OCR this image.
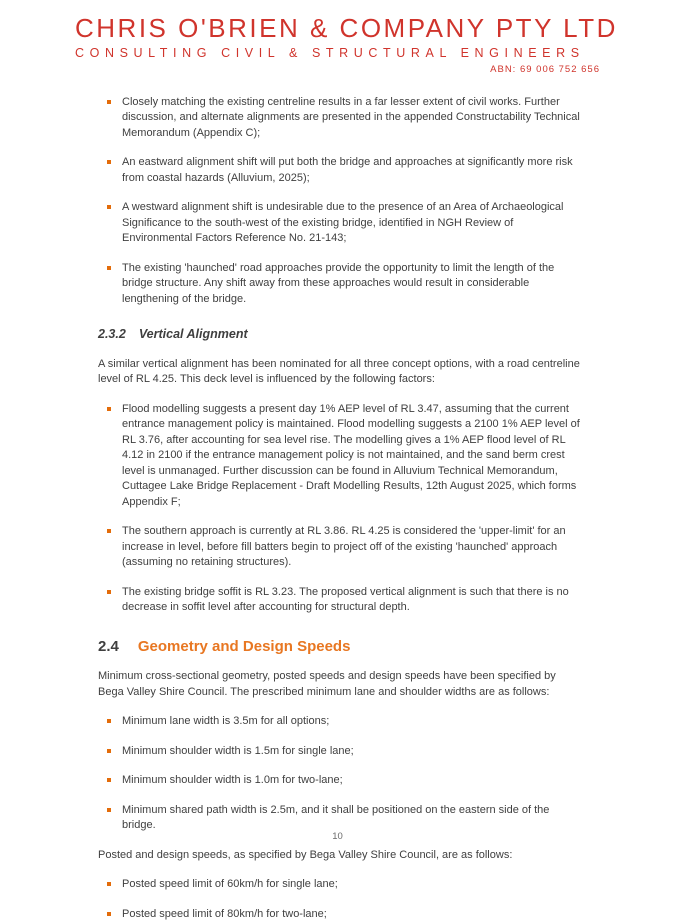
CHRIS O'BRIEN & COMPANY PTY LTD
CONSULTING CIVIL & STRUCTURAL ENGINEERS
ABN: 69 006 752 656
Closely matching the existing centreline results in a far lesser extent of civil works. Further discussion, and alternate alignments are presented in the appended Constructability Technical Memorandum (Appendix C);
An eastward alignment shift will put both the bridge and approaches at significantly more risk from coastal hazards (Alluvium, 2025);
A westward alignment shift is undesirable due to the presence of an Area of Archaeological Significance to the south-west of the existing bridge, identified in NGH Review of Environmental Factors Reference No. 21-143;
The existing 'haunched' road approaches provide the opportunity to limit the length of the bridge structure. Any shift away from these approaches would result in considerable lengthening of the bridge.
2.3.2 Vertical Alignment

A similar vertical alignment has been nominated for all three concept options, with a road centreline level of RL 4.25. This deck level is influenced by the following factors:

Flood modelling suggests a present day 1% AEP level of RL 3.47, assuming that the current entrance management policy is maintained. Flood modelling suggests a 2100 1% AEP level of RL 3.76, after accounting for sea level rise. The modelling gives a 1% AEP flood level of RL 4.12 in 2100 if the entrance management policy is not maintained, and the sand berm crest level is unmanaged. Further discussion can be found in Alluvium Technical Memorandum, Cuttagee Lake Bridge Replacement - Draft Modelling Results, 12th August 2025, which forms Appendix F;
The southern approach is currently at RL 3.86. RL 4.25 is considered the 'upper-limit' for an increase in level, before fill batters begin to project off of the existing 'haunched' approach (assuming no retaining structures).
The existing bridge soffit is RL 3.23. The proposed vertical alignment is such that there is no decrease in soffit level after accounting for structural depth.
2.4 Geometry and Design Speeds

Minimum cross-sectional geometry, posted speeds and design speeds have been specified by Bega Valley Shire Council. The prescribed minimum lane and shoulder widths are as follows:

Minimum lane width is 3.5m for all options;
Minimum shoulder width is 1.5m for single lane;
Minimum shoulder width is 1.0m for two-lane;
Minimum shared path width is 2.5m, and it shall be positioned on the eastern side of the bridge.

Posted and design speeds, as specified by Bega Valley Shire Council, are as follows:

Posted speed limit of 60km/h for single lane;
Posted speed limit of 80km/h for two-lane;
10
